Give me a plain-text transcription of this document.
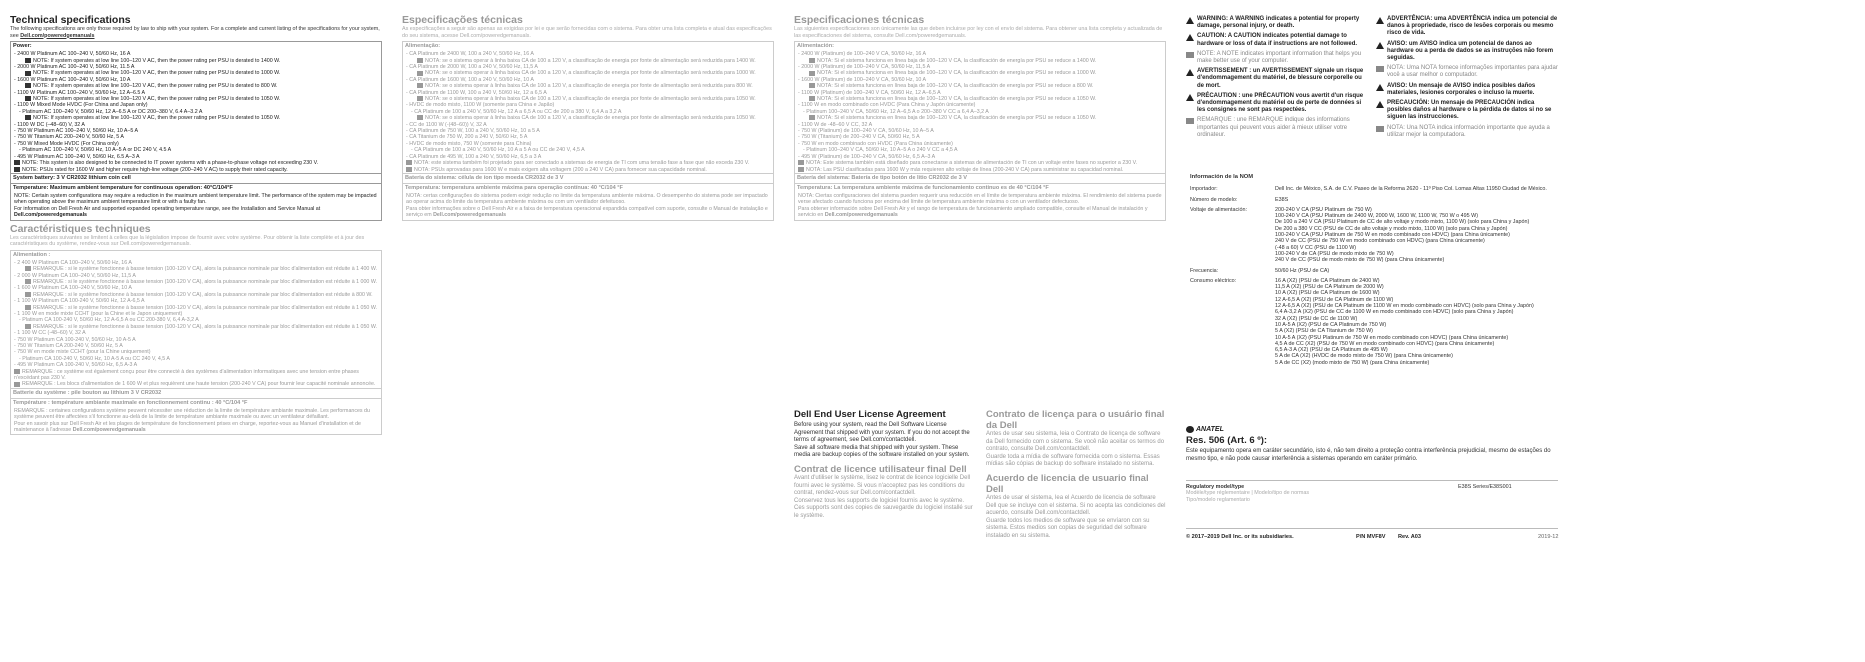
Technical specifications
The following specifications are only those required by law to ship with your system. For a complete and current listing of the specifications for your system, see Dell.com/poweredgemanuals
Power:
- 2400 W Platinum AC 100–240 V, 50/60 Hz, 16 A
NOTE: If system operates at low line 100–120 V AC, then the power rating per PSU is derated to 1400 W.
- 2000 W Platinum AC 100–240 V, 50/60 Hz, 11.5 A
NOTE: If system operates at low line 100–120 V AC, then the power rating per PSU is derated to 1000 W.
- 1600 W Platinum AC 100–240 V, 50/60 Hz, 10 A
NOTE: If system operates at low line 100–120 V AC, then the power rating per PSU is derated to 800 W.
- 1100 W Platinum AC 100–240 V, 50/60 Hz, 12 A–6.5 A
NOTE: If system operates at low line 100–120 V AC, then the power rating per PSU is derated to 1050 W.
- 1100 W Mixed Mode HVDC (For China and Japan only)
- Platinum AC 100–240 V, 50/60 Hz, 12 A–6.5 A or DC 200–380 V, 6.4 A–3.2 A
NOTE: If system operates at low line 100–120 V AC, then the power rating per PSU is derated to 1050 W.
- 1100 W DC (–48–60) V, 32 A
- 750 W Platinum AC 100–240 V, 50/60 Hz, 10 A–5 A
- 750 W Titanium AC 200–240 V, 50/60 Hz, 5 A
- 750 W Mixed Mode HVDC (For China only)
- Platinum AC 100–240 V, 50/60 Hz, 10 A–5 A or DC 240 V, 4.5 A
- 495 W Platinum AC 100–240 V, 50/60 Hz, 6.5 A–3 A
NOTE: This system is also designed to be connected to IT power systems with a phase-to-phase voltage not exceeding 230 V.
NOTE: PSUs rated for 1600 W and higher require high-line voltage (200–240 V AC) to supply their rated capacity.
System battery: 3 V CR2032 lithium coin cell
Temperature: Maximum ambient temperature for continuous operation: 40°C/104°F
NOTE: Certain system configurations may require a reduction in the maximum ambient temperature limit. The performance of the system may be impacted when operating above the maximum ambient temperature limit or with a faulty fan.
For information on Dell Fresh Air and supported expanded operating temperature range, see the Installation and Service Manual at Dell.com/poweredgemanuals
Caractéristiques techniques
Les caractéristiques suivantes se limitent à celles que la législation impose de fournir avec votre système. Pour obtenir la liste complète et à jour des caractéristiques du système, rendez-vous sur Dell.com/poweredgemanuals.
Alimentation :
- 2 400 W Platinum CA 100–240 V, 50/60 Hz, 16 A
REMARQUE : si le système fonctionne à basse tension (100-120 V CA), alors la puissance nominale par bloc d'alimentation est réduite à 1 400 W.
- 2 000 W Platinum CA 100–240 V, 50/60 Hz, 11,5 A
REMARQUE : si le système fonctionne à basse tension (100-120 V CA), alors la puissance nominale par bloc d'alimentation est réduite à 1 000 W.
- 1 600 W Platinum CA 100–240 V, 50/60 Hz, 10 A
REMARQUE : si le système fonctionne à basse tension (100-120 V CA), alors la puissance nominale par bloc d'alimentation est réduite à 800 W.
- 1 100 W Platinum CA 100-240 V, 50/60 Hz, 12 A-6,5 A
REMARQUE : si le système fonctionne à basse tension (100-120 V CA), alors la puissance nominale par bloc d'alimentation est réduite à 1 050 W.
- 1 100 W en mode mixte CCHT (pour la Chine et le Japon uniquement)
- Platinum CA 100-240 V, 50/60 Hz, 12 A-6,5 A ou CC 200-380 V, 6,4 A-3,2 A
REMARQUE : si le système fonctionne à basse tension (100-120 V CA), alors la puissance nominale par bloc d'alimentation est réduite à 1 050 W.
- 1 100 W CC (-48–60) V, 32 A
- 750 W Platinum CA 100-240 V, 50/60 Hz, 10 A-5 A
- 750 W Titanium CA 200-240 V, 50/60 Hz, 5 A
- 750 W en mode mixte CCHT (pour la Chine uniquement)
- Platinum CA 100-240 V, 50/60 Hz, 10 A-5 A ou CC 240 V, 4,5 A
- 495 W Platinum CA 100-240 V, 50/60 Hz, 6,5 A-3 A
REMARQUE : ce système est également conçu pour être connecté à des systèmes d'alimentation informatiques avec une tension entre phases n'excédant pas 230 V.
REMARQUE : Les blocs d'alimentation de 1 600 W et plus requièrent une haute tension (200-240 V CA) pour fournir leur capacité nominale annoncée.
Batterie du système : pile bouton au lithium 3 V CR2032
Température : température ambiante maximale en fonctionnement continu : 40 °C/104 °F
REMARQUE : certaines configurations système peuvent nécessiter une réduction de la limite de température ambiante maximale. Les performances du système peuvent être affectées s'il fonctionne au-delà de la limite de température ambiante maximale ou avec un ventilateur défaillant.
Pour en savoir plus sur Dell Fresh Air et les plages de température de fonctionnement prises en charge, reportez-vous au Manuel d'installation et de maintenance à l'adresse Dell.com/poweredgemanuals
Especificações técnicas
As especificações a seguir são apenas as exigidas por lei e que serão fornecidas com o sistema. Para obter uma lista completa e atual das especificações do seu sistema, acesse Dell.com/poweredgemanuals.
Alimentação:
- CA Platinum de 2400 W, 100 a 240 V, 50/60 Hz, 16 A
NOTA: se o sistema operar à linha baixa CA de 100 a 120 V, a classificação de energia por fonte de alimentação será reduzida para 1400 W.
- CA Platinum de 2000 W, 100 a 240 V, 50/60 Hz, 11,5 A
NOTA: se o sistema operar à linha baixa CA de 100 a 120 V, a classificação de energia por fonte de alimentação será reduzida para 1000 W.
- CA Platinum de 1600 W, 100 a 240 V, 50/60 Hz, 10 A
NOTA: se o sistema operar à linha baixa CA de 100 a 120 V, a classificação de energia por fonte de alimentação será reduzida para 800 W.
- CA Platinum de 1100 W, 100 a 240 V, 50/60 Hz, 12 a 6,5 A
NOTA: se o sistema operar à linha baixa CA de 100 a 120 V, a classificação de energia por fonte de alimentação será reduzida para 1050 W.
- HVDC de modo misto, 1100 W (somente para China e Japão)
- CA Platinum de 100 a 240 V, 50/60 Hz, 12 A a 6,5 A ou CC de 200 a 380 V, 6,4 A a 3,2 A
NOTA: se o sistema operar à linha baixa CA de 100 a 120 V, a classificação de energia por fonte de alimentação será reduzida para 1050 W.
- CC de 1100 W (-(48–60)) V, 32 A
- CA Platinum de 750 W, 100 a 240 V, 50/60 Hz, 10 a 5 A
- CA Titanium de 750 W, 200 a 240 V, 50/60 Hz, 5 A
- HVDC de modo misto, 750 W (somente para China)
- CA Platinum de 100 a 240 V, 50/60 Hz, 10 A a 5 A ou CC de 240 V, 4,5 A
- CA Platinum de 495 W, 100 a 240 V, 50/60 Hz, 6,5 a 3 A
NOTA: este sistema também foi projetado para ser conectado a sistemas de energia de TI com uma tensão fase a fase que não exceda 230 V.
NOTA: PSUs aprovadas para 1600 W e mais exigem alta voltagem (200 a 240 V CA) para fornecer sua capacidade nominal.
Bateria do sistema: célula de íon tipo moeda CR2032 de 3 V
Temperatura: temperatura ambiente máxima para operação contínua: 40 °C/104 °F
NOTA: certas configurações do sistema podem exigir redução no limite da temperatura ambiente máxima. O desempenho do sistema pode ser impactado ao operar acima do limite da temperatura ambiente máxima ou com um ventilador defeituoso.
Para obter informações sobre o Dell Fresh Air e a faixa de temperatura operacional expandida compatível com suporte, consulte o Manual de instalação e serviço em Dell.com/poweredgemanuals
Especificaciones técnicas
Las siguientes especificaciones son únicamente las que deben incluirse por ley con el envío del sistema. Para obtener una lista completa y actualizada de las especificaciones del sistema, consulte Dell.com/poweredgemanuals.
Alimentación:
- 2400 W (Platinum) de 100–240 V CA, 50/60 Hz, 16 A
NOTA: Si el sistema funciona en línea baja de 100–120 V CA, la clasificación de energía por PSU se reduce a 1400 W.
- 2000 W (Platinum) de 100–240 V CA, 50/60 Hz, 11,5 A
NOTA: Si el sistema funciona en línea baja de 100–120 V CA, la clasificación de energía por PSU se reduce a 1000 W.
- 1600 W (Platinum) de 100–240 V CA, 50/60 Hz, 10 A
NOTA: Si el sistema funciona en línea baja de 100–120 V CA, la clasificación de energía por PSU se reduce a 800 W.
- 1100 W (Platinum) de 100–240 V CA, 50/60 Hz, 12 A–6,5 A
NOTA: Si el sistema funciona en línea baja de 100–120 V CA, la clasificación de energía por PSU se reduce a 1050 W.
- 1100 W en modo combinado con HVDC (Para China y Japón únicamente)
- Platinum 100–240 V CA, 50/60 Hz, 12 A–6,5 A o 200–380 V CC a 6,4 A–3,2 A
NOTA: Si el sistema funciona en línea baja de 100–120 V CA, la clasificación de energía por PSU se reduce a 1050 W.
- 1100 W de -48–60 V CC, 32 A
- 750 W (Platinum) de 100–240 V CA, 50/60 Hz, 10 A–5 A
- 750 W (Titanium) de 200–240 V CA, 50/60 Hz, 5 A
- 750 W en modo combinado con HVDC (Para China únicamente)
- Platinum 100–240 V CA, 50/60 Hz, 10 A–5 A o 240 V CC a 4,5 A
- 495 W (Platinum) de 100–240 V CA, 50/60 Hz, 6,5 A–3 A
NOTA: Este sistema también está diseñado para conectarse a sistemas de alimentación de TI con un voltaje entre fases no superior a 230 V.
NOTA: Las PSU clasificadas para 1600 W y más requieren alto voltaje de línea (200-240 V CA) para suministrar su capacidad nominal.
Batería del sistema: Batería de tipo botón de litio CR2032 de 3 V
Temperatura: La temperatura ambiente máxima de funcionamiento continuo es de 40 °C/104 °F
NOTA: Ciertas configuraciones del sistema pueden requerir una reducción en el límite de temperatura ambiente máxima. El rendimiento del sistema puede verse afectado cuando funciona por encima del límite de temperatura ambiente máxima o con un ventilador defectuoso.
Para obtener información sobre Dell Fresh Air y el rango de temperatura de funcionamiento ampliado compatible, consulte el Manual de instalación y servicio en Dell.com/poweredgemanuals
Dell End User License Agreement
Before using your system, read the Dell Software License Agreement that shipped with your system. If you do not accept the terms of agreement, see Dell.com/contactdell.
Save all software media that shipped with your system. These media are backup copies of the software installed on your system.
Contrat de licence utilisateur final Dell
Avant d'utiliser le système, lisez le contrat de licence logicielle Dell fourni avec le système. Si vous n'acceptez pas les conditions du contrat, rendez-vous sur Dell.com/contactdell.
Conservez tous les supports de logiciel fournis avec le système. Ces supports sont des copies de sauvegarde du logiciel installé sur le système.
Contrato de licença para o usuário final da Dell
Antes de usar seu sistema, leia o Contrato de licença de software da Dell fornecido com o sistema. Se você não aceitar os termos do contrato, consulte Dell.com/contactdell.
Guarde toda a mídia de software fornecida com o sistema. Essas mídias são cópias de backup do software instalado no sistema.
Acuerdo de licencia de usuario final Dell
Antes de usar el sistema, lea el Acuerdo de licencia de software Dell que se incluye con el sistema. Si no acepta las condiciones del acuerdo, consulte Dell.com/contactdell.
Guarde todos los medios de software que se envíaron con su sistema. Estos medios son copias de seguridad del software instalado en su sistema.
WARNING: A WARNING indicates a potential for property damage, personal injury, or death.
CAUTION: A CAUTION indicates potential damage to hardware or loss of data if instructions are not followed.
NOTE: A NOTE indicates important information that helps you make better use of your computer.
AVERTISSEMENT : un AVERTISSEMENT signale un risque d'endommagement du matériel, de blessure corporelle ou de mort.
PRÉCAUTION : une PRÉCAUTION vous avertit d'un risque d'endommagement du matériel ou de perte de données si les consignes ne sont pas respectées.
REMARQUE : une REMARQUE indique des informations importantes qui peuvent vous aider à mieux utiliser votre ordinateur.
ADVERTÊNCIA: uma ADVERTÊNCIA indica um potencial de danos à propriedade, risco de lesões corporais ou mesmo risco de vida.
AVISO: um AVISO indica um potencial de danos ao hardware ou a perda de dados se as instruções não forem seguidas.
NOTA: Uma NOTA fornece informações importantes para ajudar você a usar melhor o computador.
AVISO: Un mensaje de AVISO indica posibles daños materiales, lesiones corporales o incluso la muerte.
PRECAUCIÓN: Un mensaje de PRECAUCIÓN indica posibles daños al hardware o la pérdida de datos si no se siguen las instrucciones.
NOTA: Una NOTA indica información importante que ayuda a utilizar mejor la computadora.
Información de la NOM
Importador:	Dell Inc. de México, S.A. de C.V. Paseo de la Reforma 2620 - 11º Piso Col. Lomas Altas 11950 Ciudad de México.
Número de modelo:	E38S
Voltaje de alimentación:	200-240 V CA (PSU Platinum de 750 W)
100-240 V CA (PSU Platinum de 2400 W, 2000 W, 1600 W, 1100 W, 750 W o 495 W)
De 100 a 240 V CA (PSU Platinum de CC de alto voltaje y modo mixto, 1100 W) (solo para China y Japón)
De 200 a 380 V CC (PSU de CC de alto voltaje y modo mixto, 1100 W) (solo para China y Japón)
100-240 V CA (PSU Platinum de 750 W en modo combinado con HDVC) (para China únicamente)
240 V de CC (PSU de 750 W en modo combinado con HDVC) (para China únicamente)
(-48 a 60) V CC (PSU de 1100 W)
100-240 V de CA (PSU de modo mixto de 750 W)
240 V de CC (PSU de modo mixto de 750 W) (para China únicamente)
Frecuencia:	50/60 Hz (PSU de CA)
Consumo eléctrico:	16 A (X2) (PSU de CA Platinum de 2400 W)
11,5 A (X2) (PSU de CA Platinum de 2000 W)
10 A (X2) (PSU de CA Platinum de 1600 W)
12 A-6,5 A (X2) (PSU de CA Platinum de 1100 W)
12 A-6,5 A (X2) (PSU de CA Platinum de 1100 W en modo combinado con HDVC) (solo para China y Japón)
6,4 A-3,2 A (X2) (PSU de CC de 1100 W en modo combinado con HDVC) (solo para China y Japón)
32 A (X2) (PSU de CC de 1100 W)
10 A-5 A (X2) (PSU de CA Platinum de 750 W)
5 A (X2) (PSU de CA Titanium de 750 W)
10 A-5 A (X2) (PSU Platinum de 750 W en modo combinado con HDVC) (para China únicamente)
4,5 A de CC (X2) (PSU de 750 W en modo combinado con HDVC) (para China únicamente)
6,5 A-3 A (X2) (PSU de CA Platinum de 495 W)
5 A de CA (X2) (HVDC de modo mixto de 750 W) (para China únicamente)
5 A de CC (X2) (modo mixto de 750 W) (para China únicamente)
ANATEL
Res. 506 (Art. 6 º):
Este equipamento opera em caráter secundário, isto é, não tem direito a proteção contra interferência prejudicial, mesmo de estações do mesmo tipo, e não pode causar interferência a sistemas operando em caráter primário.
Regulatory model/type
Modèle/type réglementaire | Modelo/tipo de normas
Tipo/modelo reglamentario
E38S Series/E38S001
© 2017–2019 Dell Inc. or its subsidiaries.	P/N MVF8V Rev. A03	2019-12
